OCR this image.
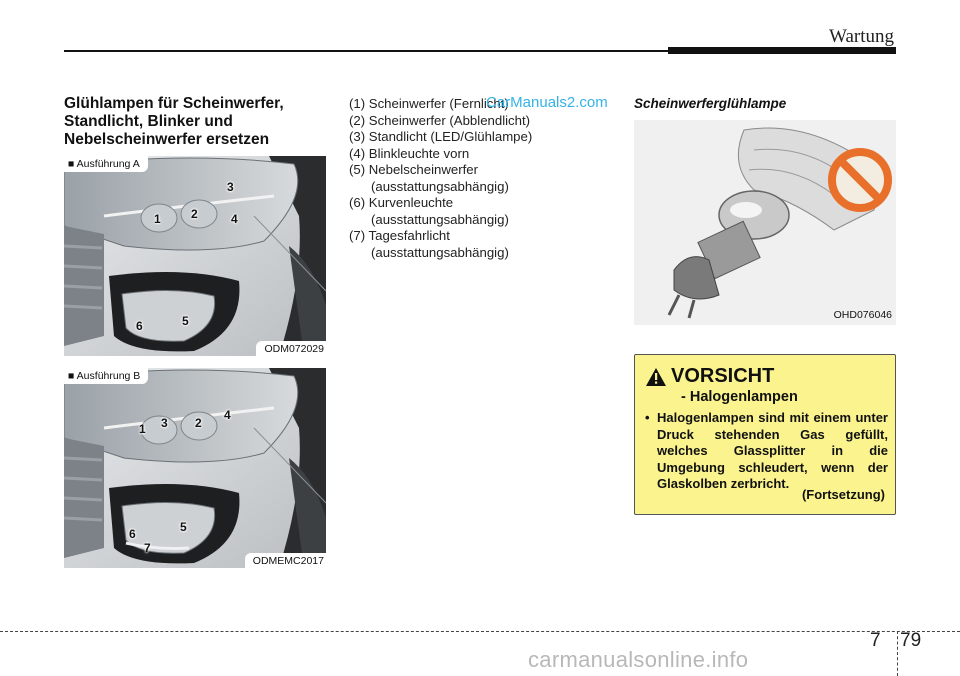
Wartung
Glühlampen für Scheinwerfer,
Standlicht, Blinker und
Nebelscheinwerfer ersetzen
■ Ausführung A
1	2
3
4
5
6
ODM072029
■ Ausführung B
1	2
3
4
5
6
7
ODMEMC2017
(1) Scheinwerfer (Fernlicht)
(2) Scheinwerfer (Abblendlicht)
(3) Standlicht (LED/Glühlampe)
(4) Blinkleuchte vorn
(5) Nebelscheinwerfer
(ausstattungsabhängig)
(6) Kurvenleuchte
(ausstattungsabhängig)
(7) Tagesfahrlicht
(ausstattungsabhängig)
CarManuals2.com Scheinwerferglühlampe
OHD076046
VORSICHT
- Halogenlampen
• Halogenlampen sind mit einem unter Druck stehenden Gas gefüllt, welches Glassplitter in die Umgebung schleudert, wenn der Glaskolben zerbricht.
(Fortsetzung)
7 79
carmanualsonline.info
